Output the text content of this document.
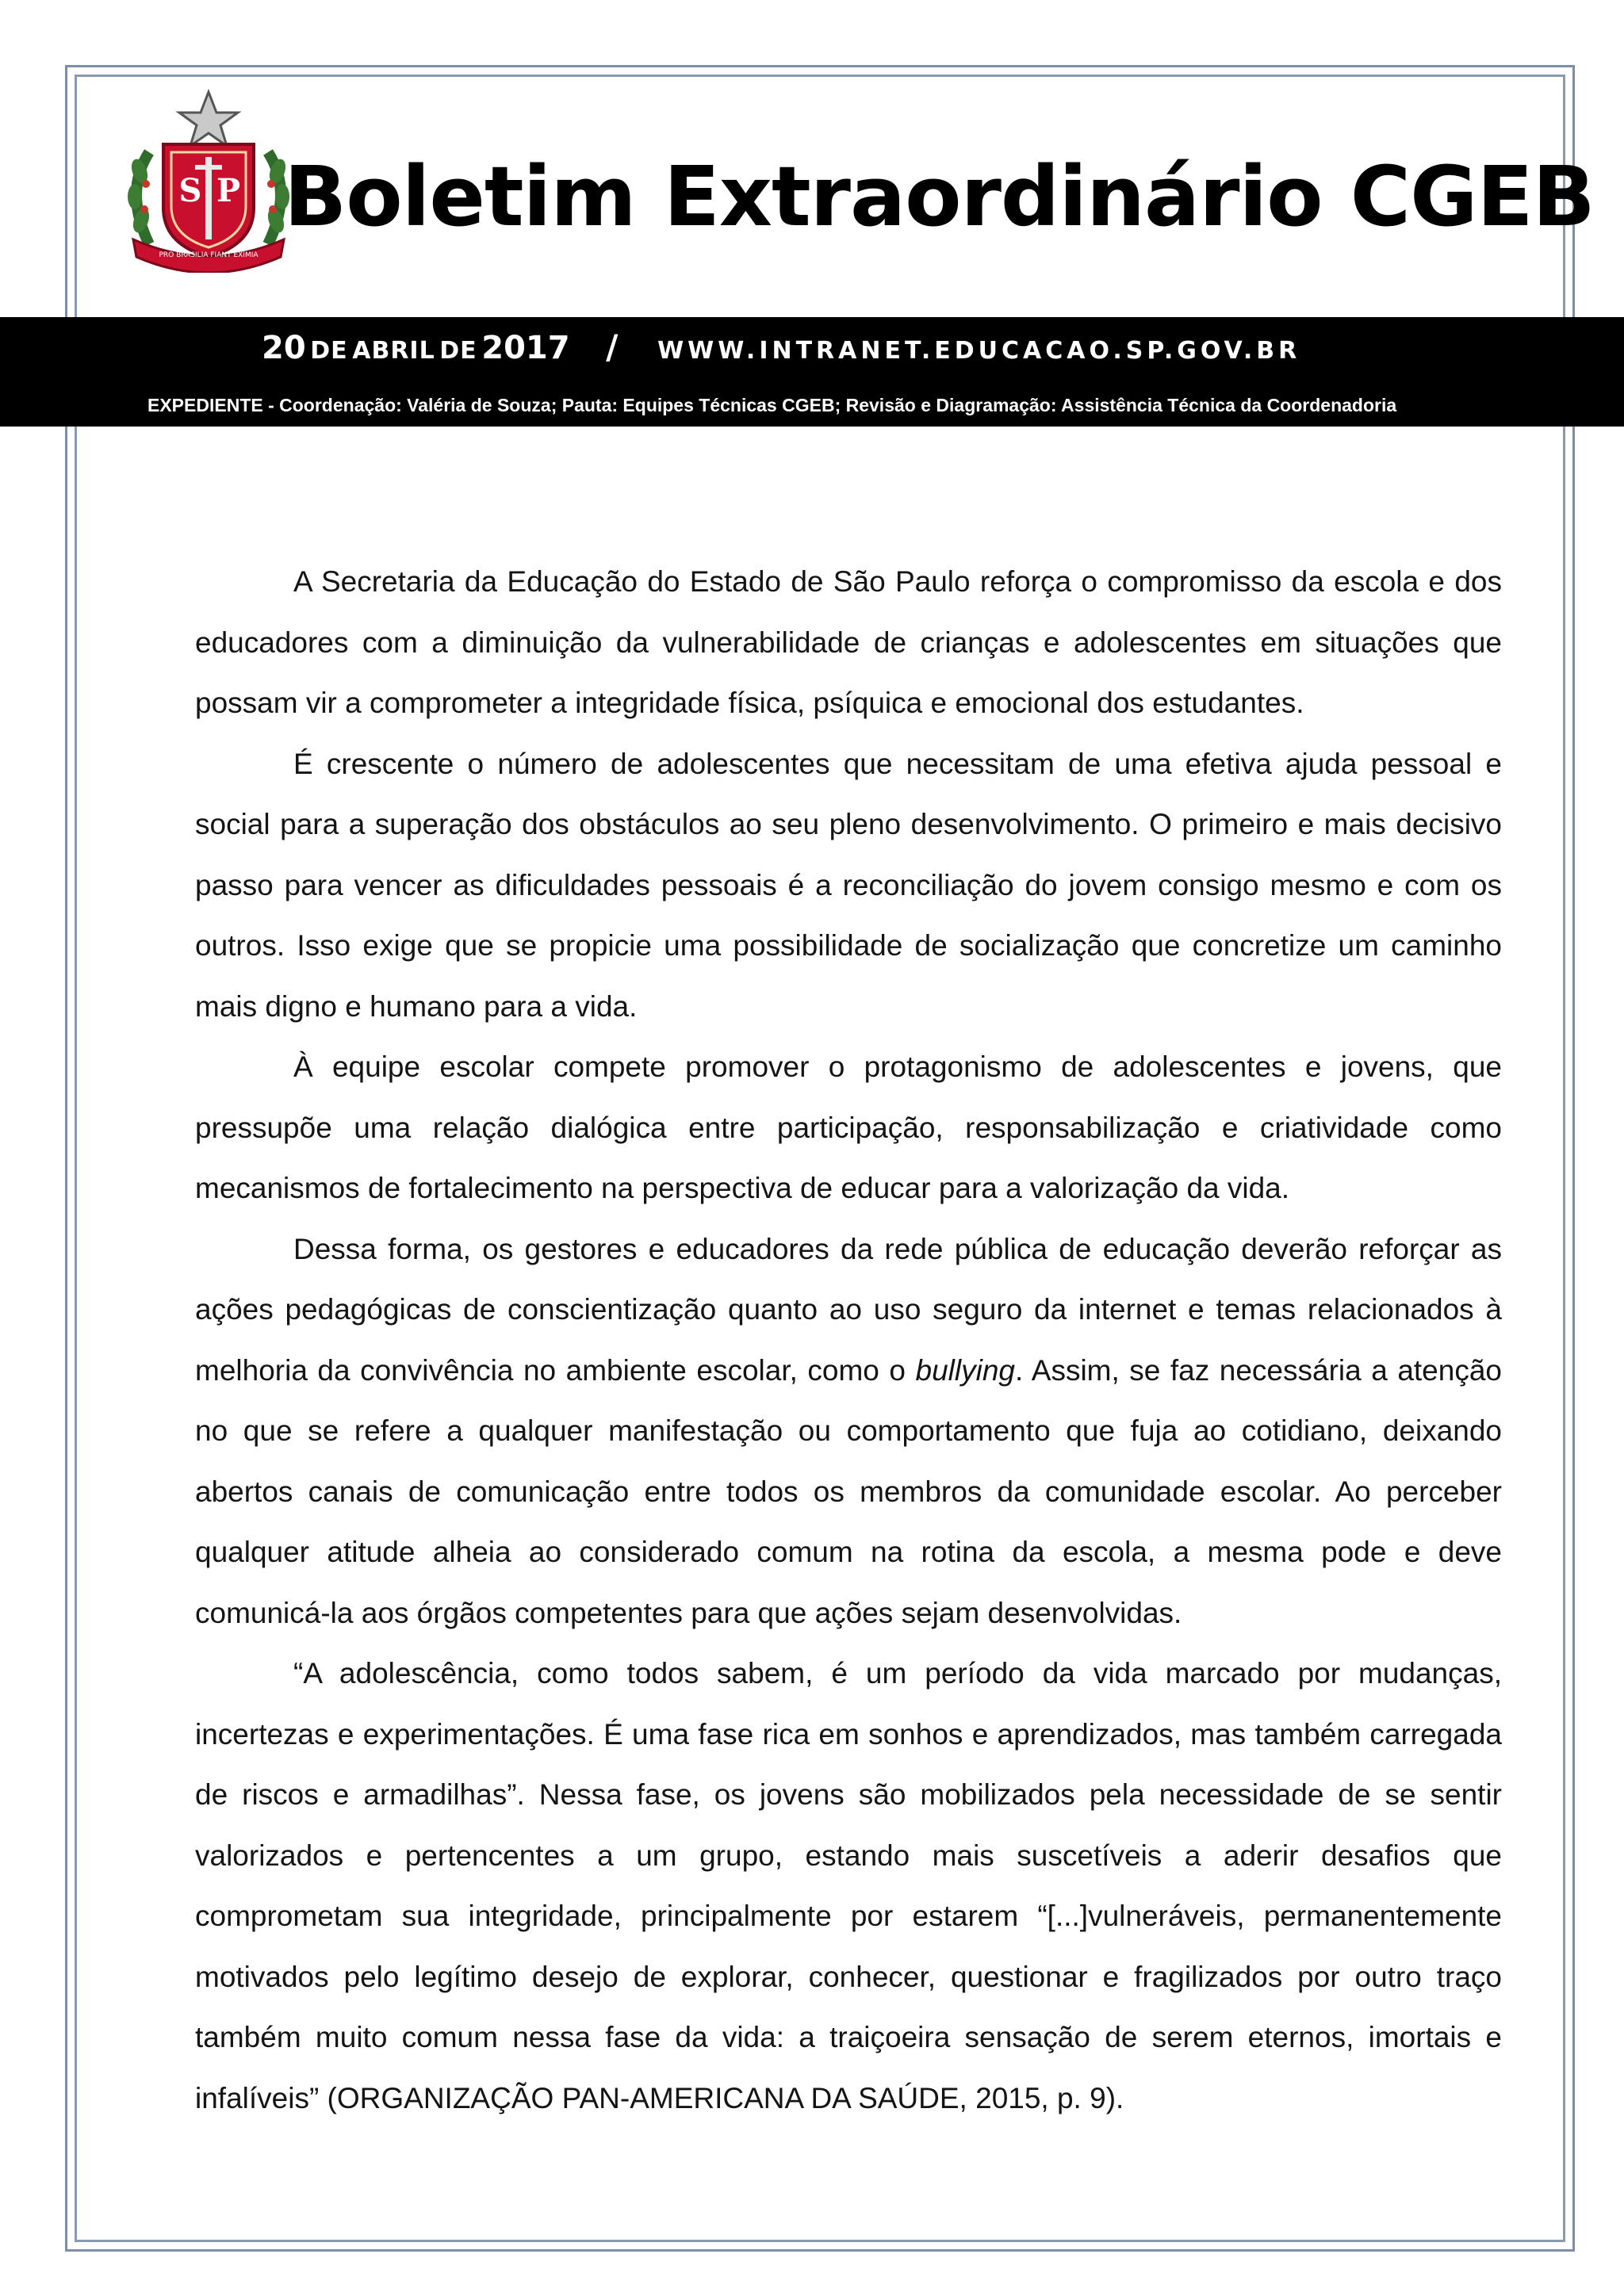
PRO BRASILIA FIANT EXIMIA
S P Boletim Extraordinário CGEB
20 DE ABRIL DE 2017 / WWW.INTRANET.EDUCACAO.SP.GOV.BR
EXPEDIENTE - Coordenação: Valéria de Souza; Pauta: Equipes Técnicas CGEB; Revisão e Diagramação: Assistência Técnica da Coordenadoria

A Secretaria da Educação do Estado de São Paulo reforça o compromisso da escola e dos educadores com a diminuição da vulnerabilidade de crianças e adolescentes em situações que possam vir a comprometer a integridade física, psíquica e emocional dos estudantes.

É crescente o número de adolescentes que necessitam de uma efetiva ajuda pessoal e social para a superação dos obstáculos ao seu pleno desenvolvimento. O primeiro e mais decisivo passo para vencer as dificuldades pessoais é a reconciliação do jovem consigo mesmo e com os outros. Isso exige que se propicie uma possibilidade de socialização que concretize um caminho mais digno e humano para a vida.

À equipe escolar compete promover o protagonismo de adolescentes e jovens, que pressupõe uma relação dialógica entre participação, responsabilização e criatividade como mecanismos de fortalecimento na perspectiva de educar para a valorização da vida.

Dessa forma, os gestores e educadores da rede pública de educação deverão reforçar as ações pedagógicas de conscientização quanto ao uso seguro da internet e temas relacionados à melhoria da convivência no ambiente escolar, como o bullying. Assim, se faz necessária a atenção no que se refere a qualquer manifestação ou comportamento que fuja ao cotidiano, deixando abertos canais de comunicação entre todos os membros da comunidade escolar. Ao perceber qualquer atitude alheia ao considerado comum na rotina da escola, a mesma pode e deve comunicá-la aos órgãos competentes para que ações sejam desenvolvidas.

“A adolescência, como todos sabem, é um período da vida marcado por mudanças, incertezas e experimentações. É uma fase rica em sonhos e aprendizados, mas também carregada de riscos e armadilhas”. Nessa fase, os jovens são mobilizados pela necessidade de se sentir valorizados e pertencentes a um grupo, estando mais suscetíveis a aderir desafios que comprometam sua integridade, principalmente por estarem “[...]vulneráveis, permanentemente motivados pelo legítimo desejo de explorar, conhecer, questionar e fragilizados por outro traço também muito comum nessa fase da vida: a traiçoeira sensação de serem eternos, imortais e infalíveis” (ORGANIZAÇÃO PAN-AMERICANA DA SAÚDE, 2015, p. 9).
